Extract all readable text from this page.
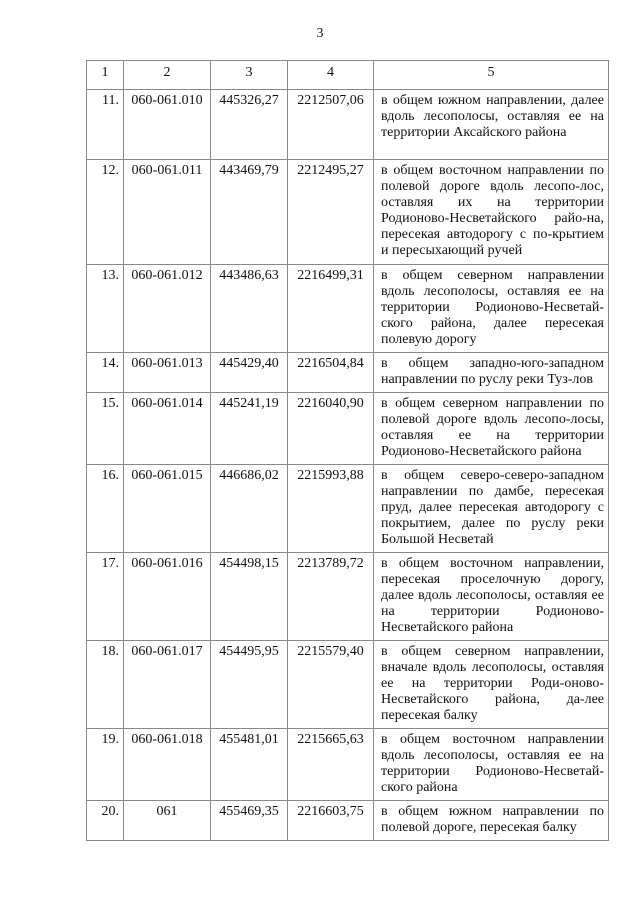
3
1	2	3	4	5

11.	060-061.010	445326,27	2212507,06	в общем южном направлении, далее вдоль лесополосы, оставляя ее на территории Аксайского района

12.	060-061.011	443469,79	2212495,27	в общем восточном направлении по полевой дороге вдоль лесопо-лос, оставляя их на территории Родионово-Несветайского райо-на, пересекая автодорогу с по-крытием и пересыхающий ручей

13.	060-061.012	443486,63	2216499,31	в общем северном направлении вдоль лесополосы, оставляя ее на территории Родионово-Несветай-ского района, далее пересекая полевую дорогу

14.	060-061.013	445429,40	2216504,84	в общем западно-юго-западном направлении по руслу реки Туз-лов

15.	060-061.014	445241,19	2216040,90	в общем северном направлении по полевой дороге вдоль лесопо-лосы, оставляя ее на территории Родионово-Несветайского района

16.	060-061.015	446686,02	2215993,88	в общем северо-северо-западном направлении по дамбе, пересекая пруд, далее пересекая автодорогу с покрытием, далее по руслу реки Большой Несветай

17.	060-061.016	454498,15	2213789,72	в общем восточном направлении, пересекая проселочную дорогу, далее вдоль лесополосы, оставляя ее на территории Родионово-Несветайского района

18.	060-061.017	454495,95	2215579,40	в общем северном направлении, вначале вдоль лесополосы, оставляя ее на территории Роди-оново-Несветайского района, да-лее пересекая балку

19.	060-061.018	455481,01	2215665,63	в общем восточном направлении вдоль лесополосы, оставляя ее на территории Родионово-Несветай-ского района

20.	061	455469,35	2216603,75	в общем южном направлении по полевой дороге, пересекая балку
